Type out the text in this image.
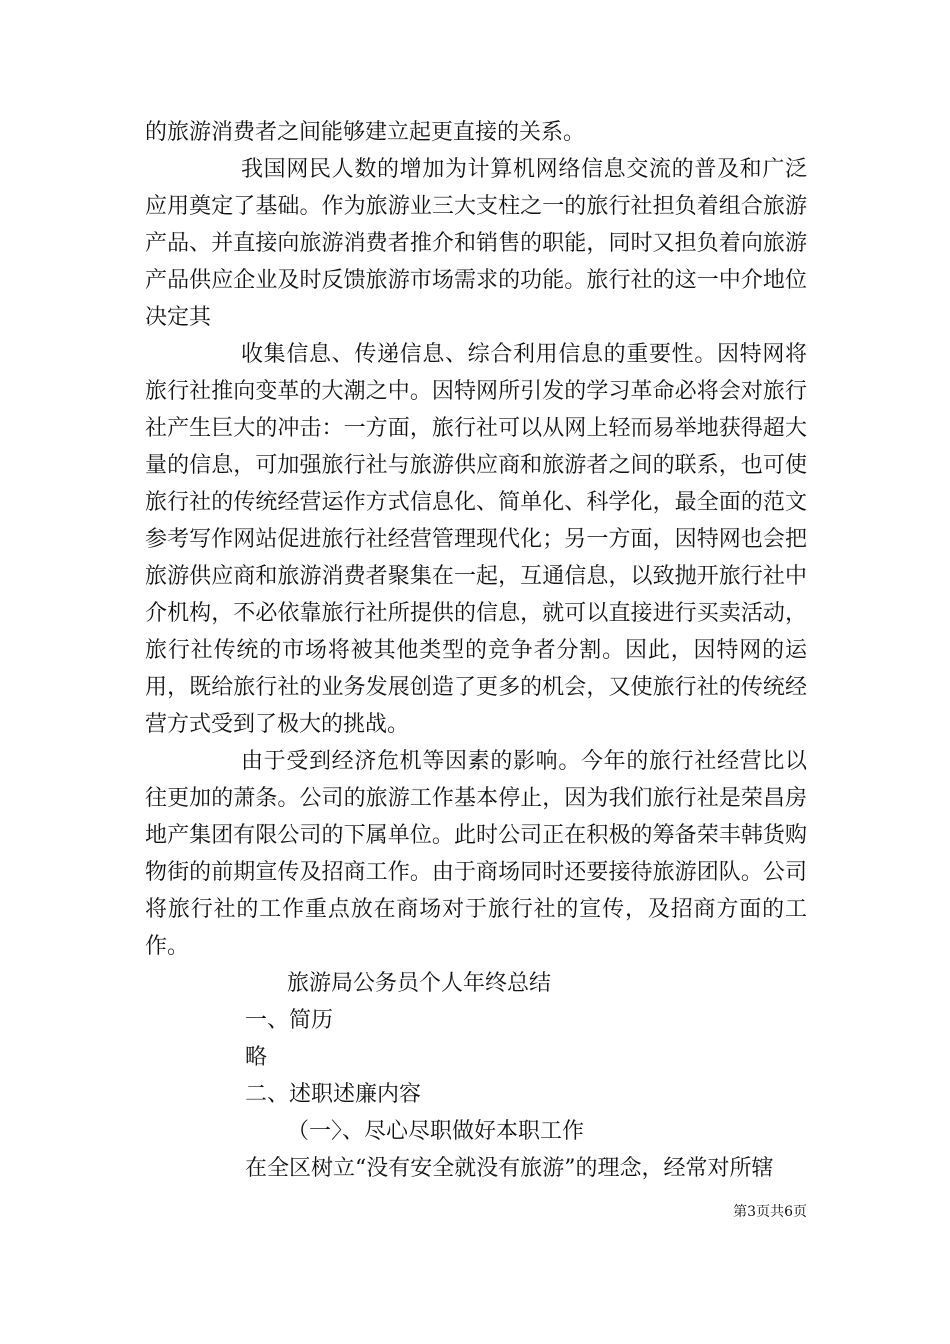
的旅游消费者之间能够建立起更直接的关系。

我国网民人数的增加为计算机网络信息交流的普及和广泛应用奠定了基础。作为旅游业三大支柱之一的旅行社担负着组合旅游产品、并直接向旅游消费者推介和销售的职能，同时又担负着向旅游产品供应企业及时反馈旅游市场需求的功能。旅行社的这一中介地位决定其

收集信息、传递信息、综合利用信息的重要性。因特网将旅行社推向变革的大潮之中。因特网所引发的学习革命必将会对旅行社产生巨大的冲击：一方面，旅行社可以从网上轻而易举地获得超大量的信息，可加强旅行社与旅游供应商和旅游者之间的联系，也可使旅行社的传统经营运作方式信息化、简单化、科学化，最全面的范文参考写作网站促进旅行社经营管理现代化；另一方面，因特网也会把旅游供应商和旅游消费者聚集在一起，互通信息，以致抛开旅行社中介机构，不必依靠旅行社所提供的信息，就可以直接进行买卖活动，旅行社传统的市场将被其他类型的竞争者分割。因此，因特网的运用，既给旅行社的业务发展创造了更多的机会，又使旅行社的传统经营方式受到了极大的挑战。

由于受到经济危机等因素的影响。今年的旅行社经营比以往更加的萧条。公司的旅游工作基本停止，因为我们旅行社是荣昌房地产集团有限公司的下属单位。此时公司正在积极的筹备荣丰韩货购物街的前期宣传及招商工作。由于商场同时还要接待旅游团队。公司将旅行社的工作重点放在商场对于旅行社的宣传，及招商方面的工作。

旅游局公务员个人年终总结

一、简历

略

二、述职述廉内容

（一〉、尽心尽职做好本职工作

在全区树立“没有安全就没有旅游”的理念，经常对所辖

第3页共6页
